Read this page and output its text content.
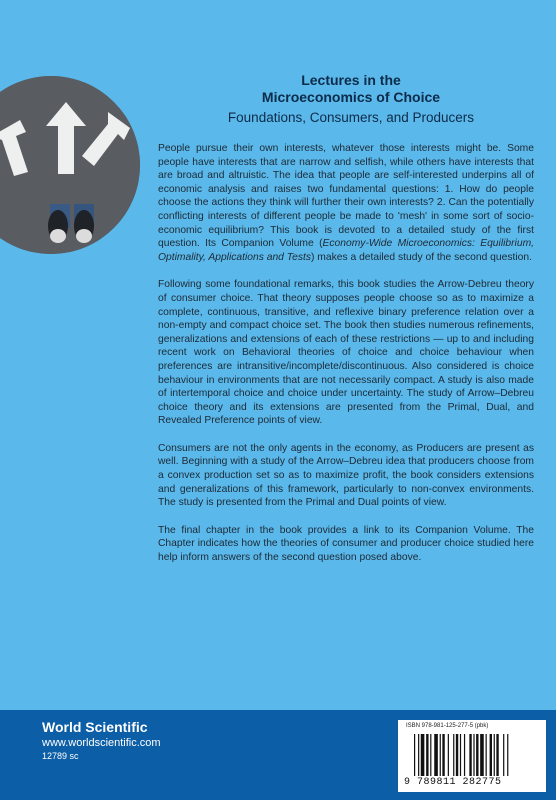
Lectures in the
Microeconomics of Choice
Foundations, Consumers, and Producers

People pursue their own interests, whatever those interests might be. Some people have interests that are narrow and selfish, while others have interests that are broad and altruistic. The idea that people are self-interested underpins all of economic analysis and raises two fundamental questions: 1. How do people choose the actions they think will further their own interests? 2. Can the potentially conflicting interests of different people be made to 'mesh' in some sort of socio-economic equilibrium? This book is devoted to a detailed study of the first question. Its Companion Volume (Economy-Wide Microeconomics: Equilibrium, Optimality, Applications and Tests) makes a detailed study of the second question.

Following some foundational remarks, this book studies the Arrow-Debreu theory of consumer choice. That theory supposes people choose so as to maximize a complete, continuous, transitive, and reflexive binary preference relation over a non-empty and compact choice set. The book then studies numerous refinements, generalizations and extensions of each of these restrictions — up to and including recent work on Behavioral theories of choice and choice behaviour when preferences are intransitive/incomplete/discontinuous. Also considered is choice behaviour in environments that are not necessarily compact. A study is also made of intertemporal choice and choice under uncertainty. The study of Arrow–Debreu choice theory and its extensions are presented from the Primal, Dual, and Revealed Preference points of view.

Consumers are not the only agents in the economy, as Producers are present as well. Beginning with a study of the Arrow–Debreu idea that producers choose from a convex production set so as to maximize profit, the book considers extensions and generalizations of this framework, particularly to non-convex environments. The study is presented from the Primal and Dual points of view.

The final chapter in the book provides a link to its Companion Volume. The Chapter indicates how the theories of consumer and producer choice studied here help inform answers of the second question posed above.

World Scientific
www.worldscientific.com
12789 sc
ISBN 978-981-125-277-5 (pbk)
9 789811 282775
